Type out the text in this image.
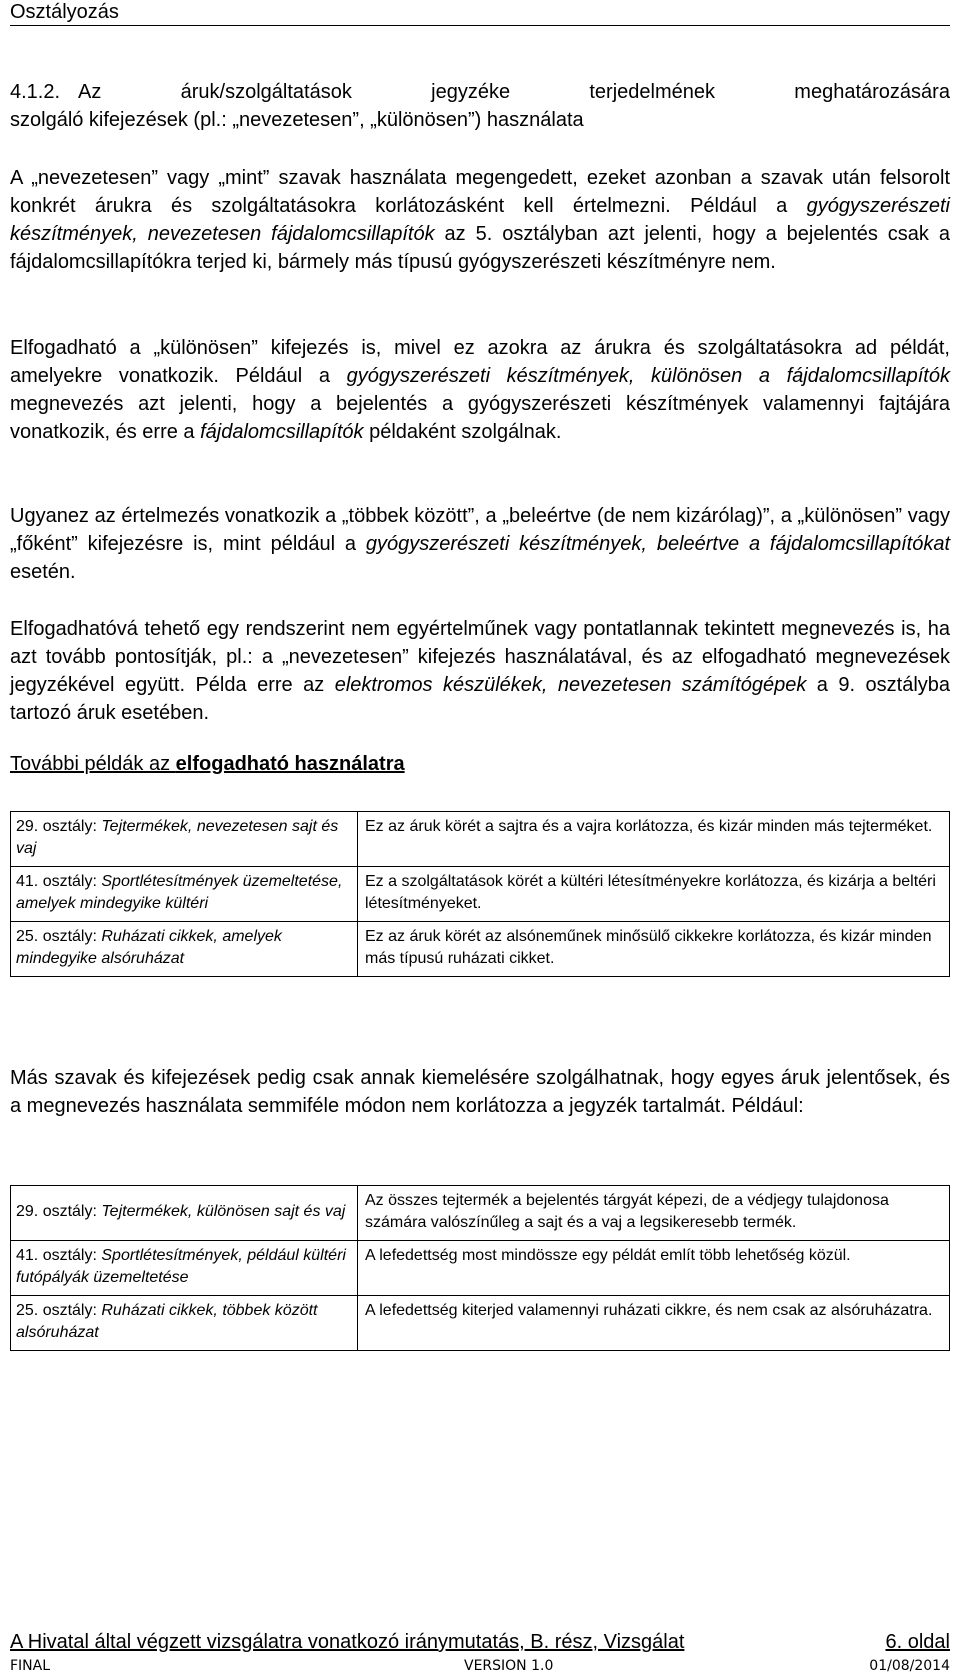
Osztályozás
4.1.2. Az	áruk/szolgáltatások	jegyzéke	terjedelmének	meghatározására
szolgáló kifejezések (pl.: „nevezetesen”, „különösen”) használata

A „nevezetesen” vagy „mint” szavak használata megengedett, ezeket azonban a szavak után felsorolt konkrét árukra és szolgáltatásokra korlátozásként kell értelmezni. Például a gyógyszerészeti készítmények, nevezetesen fájdalomcsillapítók az 5. osztályban azt jelenti, hogy a bejelentés csak a fájdalomcsillapítókra terjed ki, bármely más típusú gyógyszerészeti készítményre nem.

Elfogadható a „különösen” kifejezés is, mivel ez azokra az árukra és szolgáltatásokra ad példát, amelyekre vonatkozik. Például a gyógyszerészeti készítmények, különösen a fájdalomcsillapítók megnevezés azt jelenti, hogy a bejelentés a gyógyszerészeti készítmények valamennyi fajtájára vonatkozik, és erre a fájdalomcsillapítók példaként szolgálnak.

Ugyanez az értelmezés vonatkozik a „többek között”, a „beleértve (de nem kizárólag)”, a „különösen” vagy „főként” kifejezésre is, mint például a gyógyszerészeti készítmények, beleértve a fájdalomcsillapítókat esetén.

Elfogadhatóvá tehető egy rendszerint nem egyértelműnek vagy pontatlannak tekintett megnevezés is, ha azt tovább pontosítják, pl.: a „nevezetesen” kifejezés használatával, és az elfogadható megnevezések jegyzékével együtt. Példa erre az elektromos készülékek, nevezetesen számítógépek a 9. osztályba tartozó áruk esetében.

További példák az elfogadható használatra
29. osztály: Tejtermékek, nevezetesen sajt és vaj	Ez az áruk körét a sajtra és a vajra korlátozza, és kizár minden más tejterméket.
41. osztály: Sportlétesítmények üzemeltetése, amelyek mindegyike kültéri	Ez a szolgáltatások körét a kültéri létesítményekre korlátozza, és kizárja a beltéri létesítményeket.
25. osztály: Ruházati cikkek, amelyek mindegyike alsóruházat	Ez az áruk körét az alsóneműnek minősülő cikkekre korlátozza, és kizár minden más típusú ruházati cikket.

Más szavak és kifejezések pedig csak annak kiemelésére szolgálhatnak, hogy egyes áruk jelentősek, és a megnevezés használata semmiféle módon nem korlátozza a jegyzék tartalmát. Például:

29. osztály: Tejtermékek, különösen sajt és vaj	Az összes tejtermék a bejelentés tárgyát képezi, de a védjegy tulajdonosa számára valószínűleg a sajt és a vaj a legsikeresebb termék.
41. osztály: Sportlétesítmények, például kültéri futópályák üzemeltetése	A lefedettség most mindössze egy példát említ több lehetőség közül.
25. osztály: Ruházati cikkek, többek között alsóruházat	A lefedettség kiterjed valamennyi ruházati cikkre, és nem csak az alsóruházatra.
A Hivatal által végzett vizsgálatra vonatkozó iránymutatás, B. rész, Vizsgálat	6. oldal
FINAL	VERSION 1.0	01/08/2014
